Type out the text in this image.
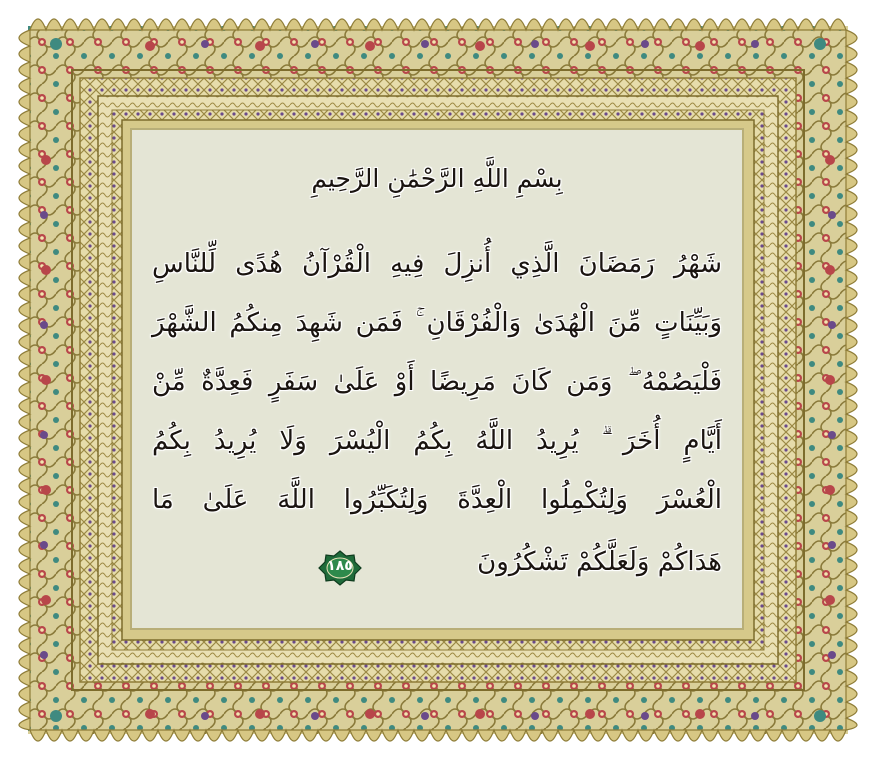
بِسْمِ اللَّهِ الرَّحْمَٰنِ الرَّحِيمِ
شَهْرُ رَمَضَانَ الَّذِي أُنزِلَ فِيهِ الْقُرْآنُ هُدًى لِّلنَّاسِ
وَبَيِّنَاتٍ مِّنَ الْهُدَىٰ وَالْفُرْقَانِ ۚ فَمَن شَهِدَ مِنكُمُ الشَّهْرَ
فَلْيَصُمْهُ ۖ وَمَن كَانَ مَرِيضًا أَوْ عَلَىٰ سَفَرٍ فَعِدَّةٌ مِّنْ
أَيَّامٍ أُخَرَ ۗ يُرِيدُ اللَّهُ بِكُمُ الْيُسْرَ وَلَا يُرِيدُ بِكُمُ
الْعُسْرَ وَلِتُكْمِلُوا الْعِدَّةَ وَلِتُكَبِّرُوا اللَّهَ عَلَىٰ مَا
هَدَاكُمْ وَلَعَلَّكُمْ تَشْكُرُونَ
١٨٥
